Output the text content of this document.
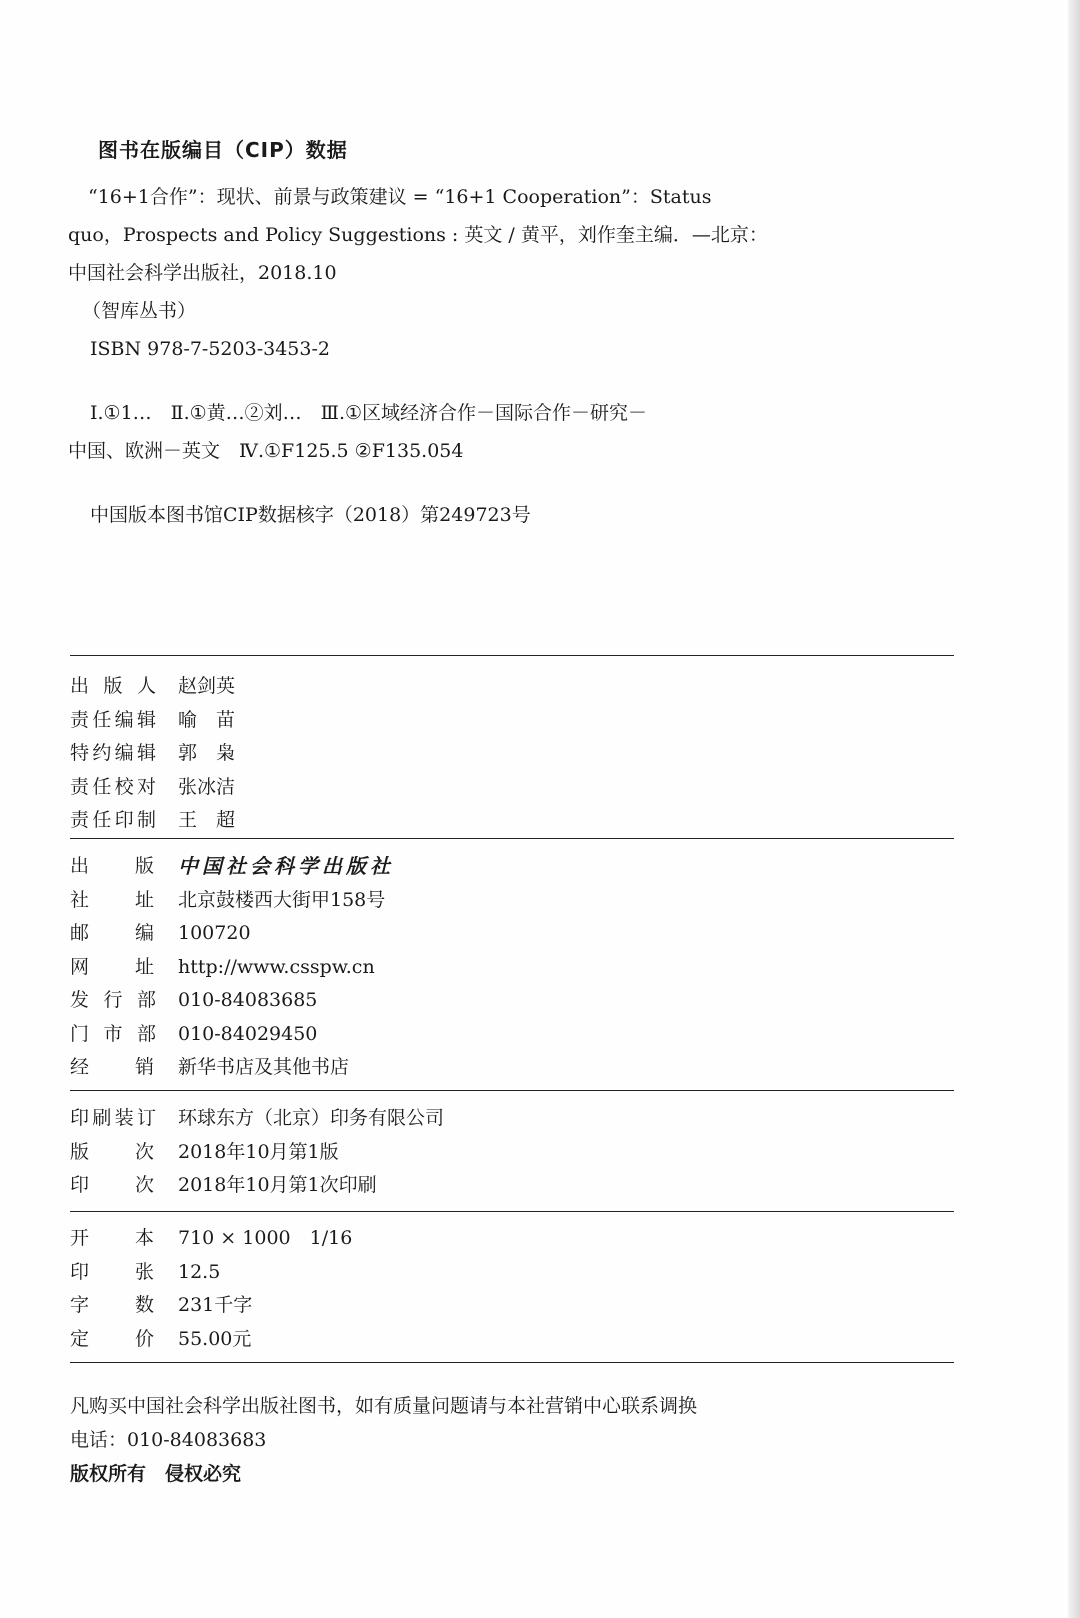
图书在版编目（CIP）数据
“16+1合作”：现状、前景与政策建议 = “16+1 Cooperation”：Status
quo，Prospects and Policy Suggestions : 英文 / 黄平，刘作奎主编．—北京：
中国社会科学出版社，2018.10
（智库丛书）
ISBN 978-7-5203-3453-2
Ⅰ.①1…　Ⅱ.①黄…②刘…　Ⅲ.①区域经济合作－国际合作－研究－
中国、欧洲－英文　Ⅳ.①F125.5 ②F135.054
中国版本图书馆CIP数据核字（2018）第249723号
出 版 人 赵剑英
责 任 编 辑 喻　苗
特 约 编 辑 郭　枭
责 任 校 对 张冰洁
责 任 印 制 王　超
出 版 中国社会科学出版社
社 址 北京鼓楼西大街甲158号
邮 编 100720
网 址 http://www.csspw.cn
发 行 部 010-84083685
门 市 部 010-84029450
经 销 新华书店及其他书店
印 刷 装 订 环球东方（北京）印务有限公司
版 次 2018年10月第1版
印 次 2018年10月第1次印刷
开 本 710 × 1000　1/16
印 张 12.5
字 数 231千字
定 价 55.00元
凡购买中国社会科学出版社图书，如有质量问题请与本社营销中心联系调换
电话：010-84083683
版权所有　侵权必究
